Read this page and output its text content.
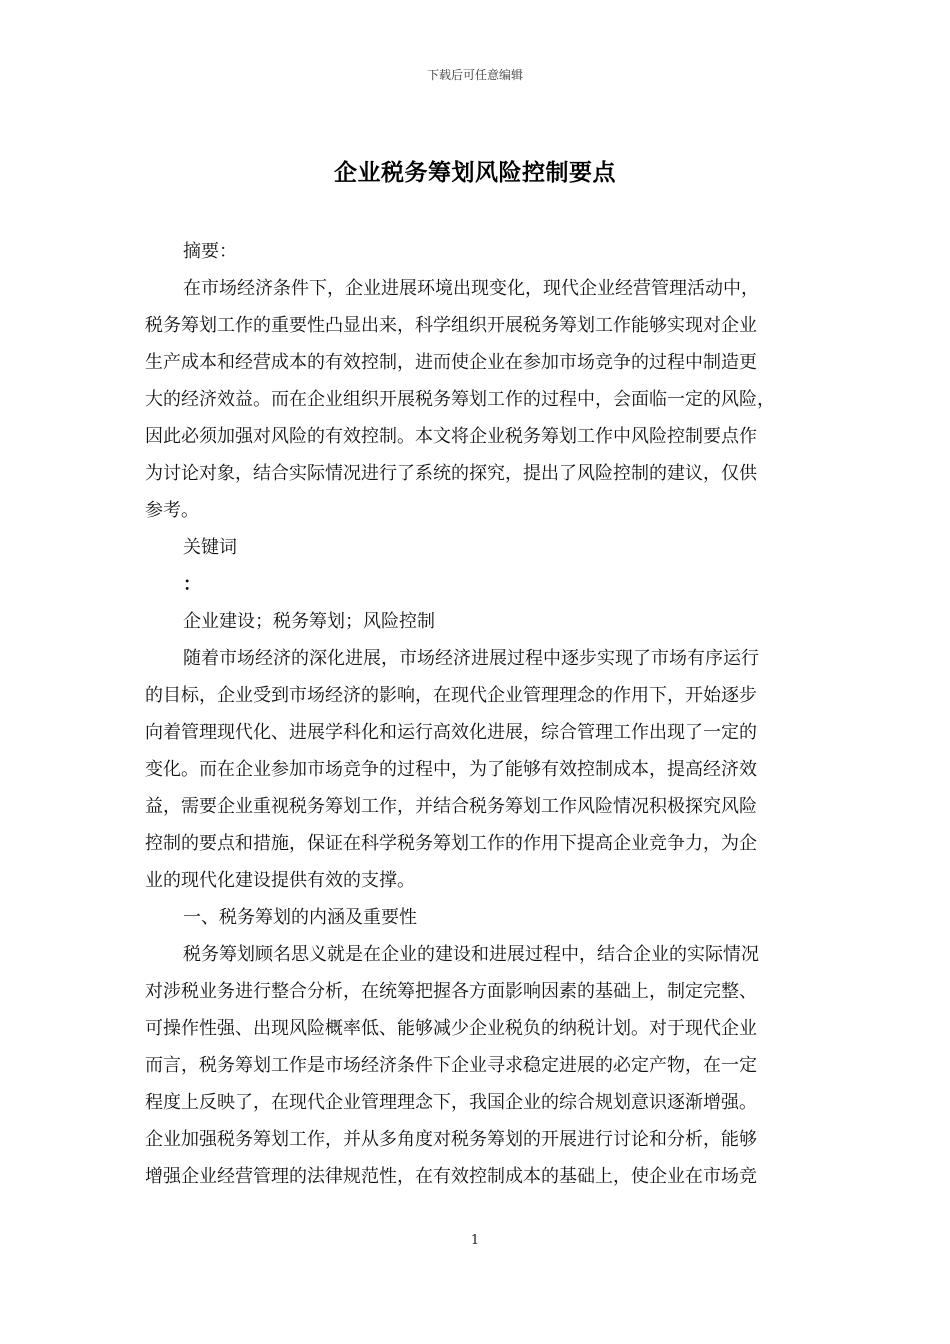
下载后可任意编辑
企业税务筹划风险控制要点
摘要：
在市场经济条件下，企业进展环境出现变化，现代企业经营管理活动中，
税务筹划工作的重要性凸显出来，科学组织开展税务筹划工作能够实现对企业
生产成本和经营成本的有效控制，进而使企业在参加市场竞争的过程中制造更
大的经济效益。而在企业组织开展税务筹划工作的过程中，会面临一定的风险，
因此必须加强对风险的有效控制。本文将企业税务筹划工作中风险控制要点作
为讨论对象，结合实际情况进行了系统的探究，提出了风险控制的建议，仅供
参考。
关键词
：
企业建设；税务筹划；风险控制
随着市场经济的深化进展，市场经济进展过程中逐步实现了市场有序运行
的目标，企业受到市场经济的影响，在现代企业管理理念的作用下，开始逐步
向着管理现代化、进展学科化和运行高效化进展，综合管理工作出现了一定的
变化。而在企业参加市场竞争的过程中，为了能够有效控制成本，提高经济效
益，需要企业重视税务筹划工作，并结合税务筹划工作风险情况积极探究风险
控制的要点和措施，保证在科学税务筹划工作的作用下提高企业竞争力，为企
业的现代化建设提供有效的支撑。
一、税务筹划的内涵及重要性
税务筹划顾名思义就是在企业的建设和进展过程中，结合企业的实际情况
对涉税业务进行整合分析，在统筹把握各方面影响因素的基础上，制定完整、
可操作性强、出现风险概率低、能够减少企业税负的纳税计划。对于现代企业
而言，税务筹划工作是市场经济条件下企业寻求稳定进展的必定产物，在一定
程度上反映了，在现代企业管理理念下，我国企业的综合规划意识逐渐增强。
企业加强税务筹划工作，并从多角度对税务筹划的开展进行讨论和分析，能够
增强企业经营管理的法律规范性，在有效控制成本的基础上，使企业在市场竞
1
